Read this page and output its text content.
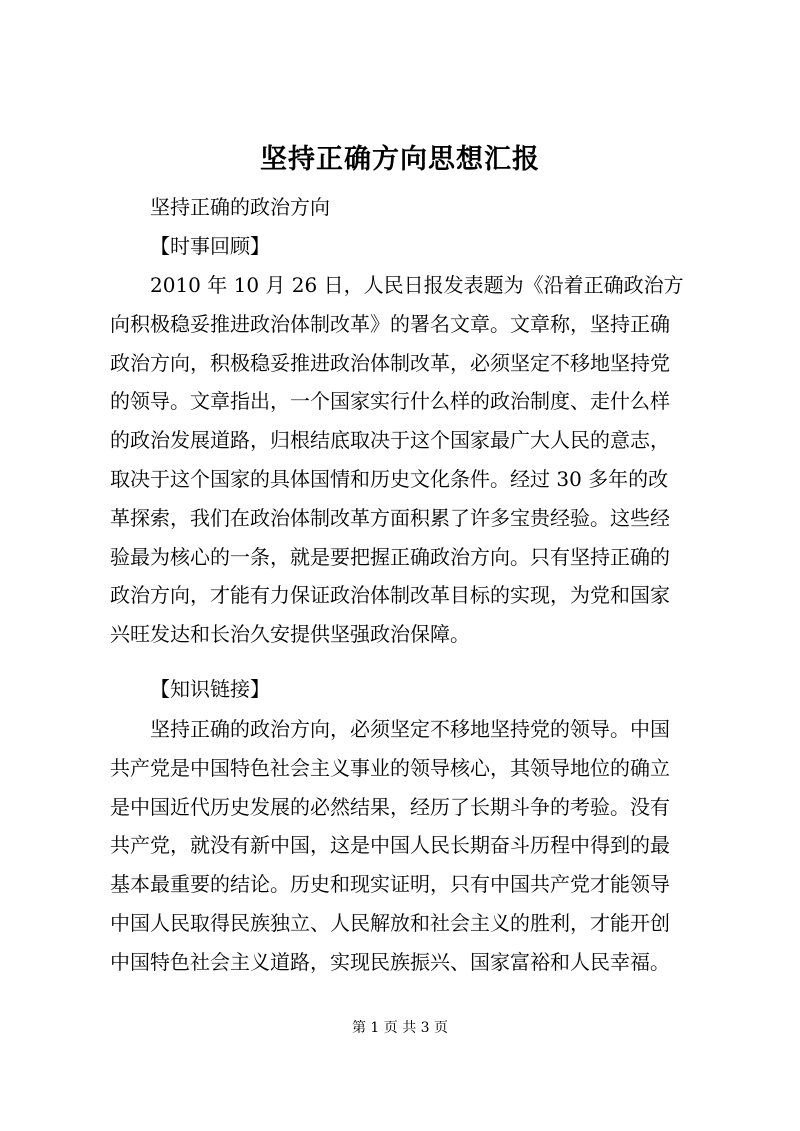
坚持正确方向思想汇报
坚持正确的政治方向
【时事回顾】
2010 年 10 月 26 日，人民日报发表题为《沿着正确政治方
向积极稳妥推进政治体制改革》的署名文章。文章称，坚持正确
政治方向，积极稳妥推进政治体制改革，必须坚定不移地坚持党
的领导。文章指出，一个国家实行什么样的政治制度、走什么样
的政治发展道路，归根结底取决于这个国家最广大人民的意志，
取决于这个国家的具体国情和历史文化条件。经过 30 多年的改
革探索，我们在政治体制改革方面积累了许多宝贵经验。这些经
验最为核心的一条，就是要把握正确政治方向。只有坚持正确的
政治方向，才能有力保证政治体制改革目标的实现，为党和国家
兴旺发达和长治久安提供坚强政治保障。
【知识链接】
坚持正确的政治方向，必须坚定不移地坚持党的领导。中国
共产党是中国特色社会主义事业的领导核心，其领导地位的确立
是中国近代历史发展的必然结果，经历了长期斗争的考验。没有
共产党，就没有新中国，这是中国人民长期奋斗历程中得到的最
基本最重要的结论。历史和现实证明，只有中国共产党才能领导
中国人民取得民族独立、人民解放和社会主义的胜利，才能开创
中国特色社会主义道路，实现民族振兴、国家富裕和人民幸福。
第 1 页 共 3 页
